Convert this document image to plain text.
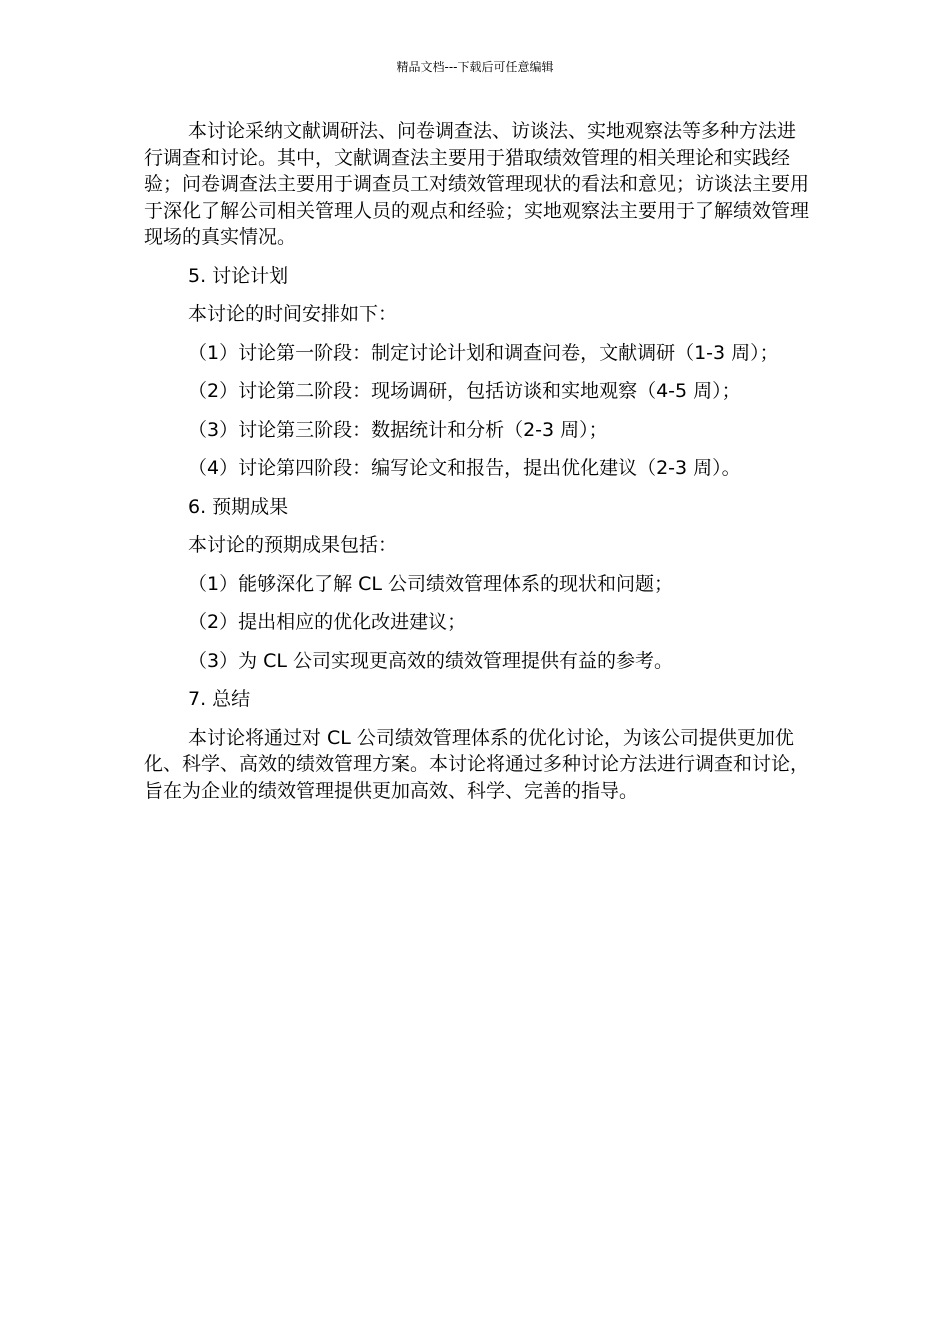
精品文档---下载后可任意编辑

本讨论采纳文献调研法、问卷调查法、访谈法、实地观察法等多种方法进行调查和讨论。其中，文献调查法主要用于猎取绩效管理的相关理论和实践经验；问卷调查法主要用于调查员工对绩效管理现状的看法和意见；访谈法主要用于深化了解公司相关管理人员的观点和经验；实地观察法主要用于了解绩效管理现场的真实情况。

5. 讨论计划

本讨论的时间安排如下：

（1）讨论第一阶段：制定讨论计划和调查问卷，文献调研（1-3 周）；

（2）讨论第二阶段：现场调研，包括访谈和实地观察（4-5 周）；

（3）讨论第三阶段：数据统计和分析（2-3 周）；

（4）讨论第四阶段：编写论文和报告，提出优化建议（2-3 周）。

6. 预期成果

本讨论的预期成果包括：

（1）能够深化了解 CL 公司绩效管理体系的现状和问题；

（2）提出相应的优化改进建议；

（3）为 CL 公司实现更高效的绩效管理提供有益的参考。

7. 总结

本讨论将通过对 CL 公司绩效管理体系的优化讨论，为该公司提供更加优化、科学、高效的绩效管理方案。本讨论将通过多种讨论方法进行调查和讨论，旨在为企业的绩效管理提供更加高效、科学、完善的指导。
